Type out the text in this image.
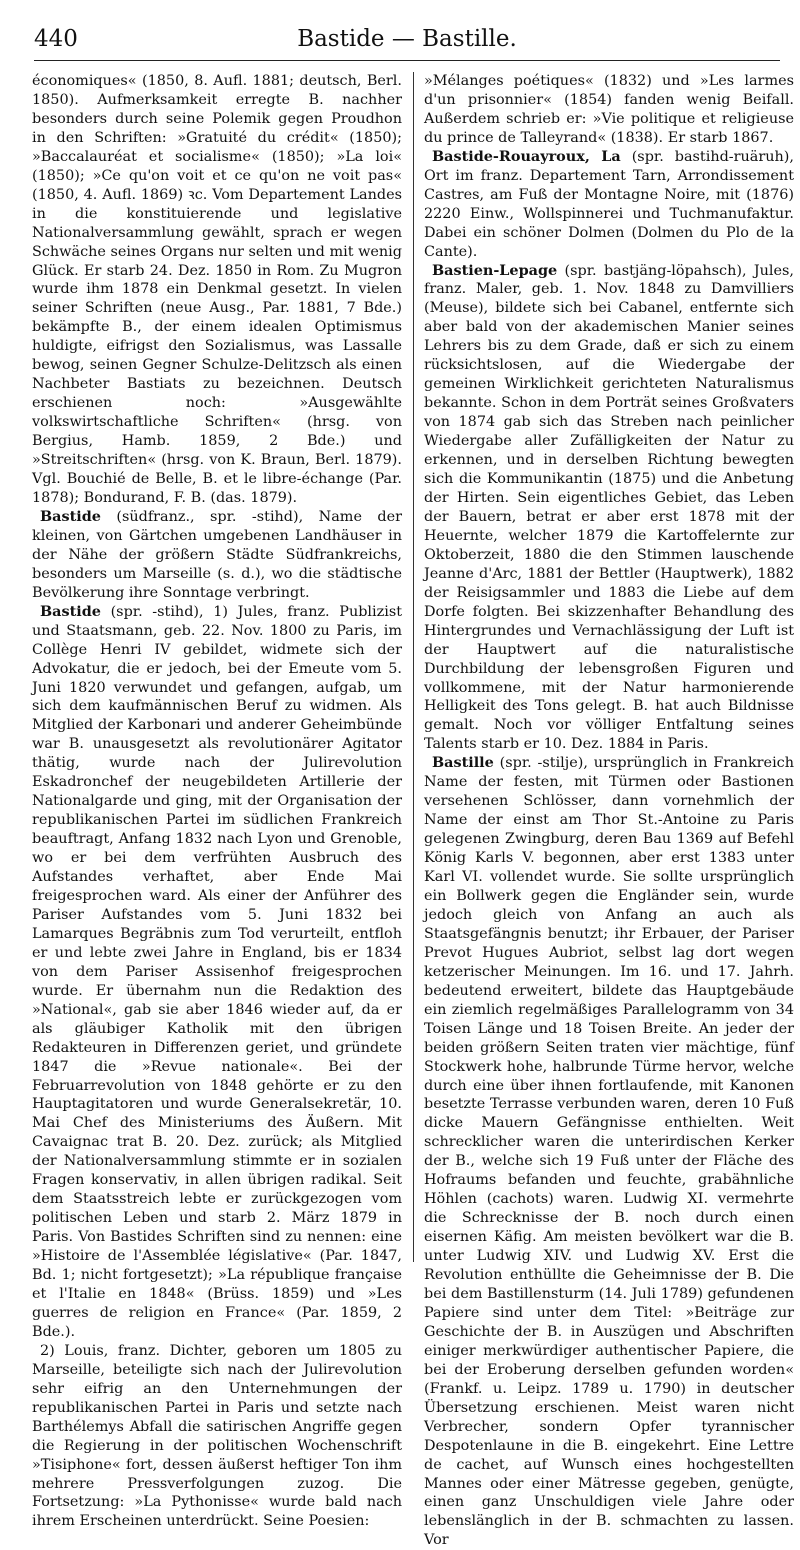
440	Bastide — Bastille.

économiques« (1850, 8. Aufl. 1881; deutsch, Berl. 1850). Aufmerksamkeit erregte B. nachher besonders durch seine Polemik gegen Proudhon in den Schriften: »Gratuité du crédit« (1850); »Baccalauréat et socialisme« (1850); »La loi« (1850); »Ce qu'on voit et ce qu'on ne voit pas« (1850, 4. Aufl. 1869) ꝛc. Vom Departement Landes in die konstituierende und legislative Nationalversammlung gewählt, sprach er wegen Schwäche seines Organs nur selten und mit wenig Glück. Er starb 24. Dez. 1850 in Rom. Zu Mugron wurde ihm 1878 ein Denkmal gesetzt. In vielen seiner Schriften (neue Ausg., Par. 1881, 7 Bde.) bekämpfte B., der einem idealen Optimismus huldigte, eifrigst den Sozialismus, was Lassalle bewog, seinen Gegner Schulze-Delitzsch als einen Nachbeter Bastiats zu bezeichnen. Deutsch erschienen noch: »Ausgewählte volkswirtschaftliche Schriften« (hrsg. von Bergius, Hamb. 1859, 2 Bde.) und »Streitschriften« (hrsg. von K. Braun, Berl. 1879). Vgl. Bouchié de Belle, B. et le libre-échange (Par. 1878); Bondurand, F. B. (das. 1879).

Bastide (südfranz., spr. -stihd), Name der kleinen, von Gärtchen umgebenen Landhäuser in der Nähe der größern Städte Südfrankreichs, besonders um Marseille (s. d.), wo die städtische Bevölkerung ihre Sonntage verbringt.

Bastide (spr. -stihd), 1) Jules, franz. Publizist und Staatsmann, geb. 22. Nov. 1800 zu Paris, im Collège Henri IV gebildet, widmete sich der Advokatur, die er jedoch, bei der Emeute vom 5. Juni 1820 verwundet und gefangen, aufgab, um sich dem kaufmännischen Beruf zu widmen. Als Mitglied der Karbonari und anderer Geheimbünde war B. unausgesetzt als revolutionärer Agitator thätig, wurde nach der Julirevolution Eskadronchef der neugebildeten Artillerie der Nationalgarde und ging, mit der Organisation der republikanischen Partei im südlichen Frankreich beauftragt, Anfang 1832 nach Lyon und Grenoble, wo er bei dem verfrühten Ausbruch des Aufstandes verhaftet, aber Ende Mai freigesprochen ward. Als einer der Anführer des Pariser Aufstandes vom 5. Juni 1832 bei Lamarques Begräbnis zum Tod verurteilt, entfloh er und lebte zwei Jahre in England, bis er 1834 von dem Pariser Assisenhof freigesprochen wurde. Er übernahm nun die Redaktion des »National«, gab sie aber 1846 wieder auf, da er als gläubiger Katholik mit den übrigen Redakteuren in Differenzen geriet, und gründete 1847 die »Revue nationale«. Bei der Februarrevolution von 1848 gehörte er zu den Hauptagitatoren und wurde Generalsekretär, 10. Mai Chef des Ministeriums des Äußern. Mit Cavaignac trat B. 20. Dez. zurück; als Mitglied der Nationalversammlung stimmte er in sozialen Fragen konservativ, in allen übrigen radikal. Seit dem Staatsstreich lebte er zurückgezogen vom politischen Leben und starb 2. März 1879 in Paris. Von Bastides Schriften sind zu nennen: eine »Histoire de l'Assemblée législative« (Par. 1847, Bd. 1; nicht fortgesetzt); »La république française et l'Italie en 1848« (Brüss. 1859) und »Les guerres de religion en France« (Par. 1859, 2 Bde.).

2) Louis, franz. Dichter, geboren um 1805 zu Marseille, beteiligte sich nach der Julirevolution sehr eifrig an den Unternehmungen der republikanischen Partei in Paris und setzte nach Barthélemys Abfall die satirischen Angriffe gegen die Regierung in der politischen Wochenschrift »Tisiphone« fort, dessen äußerst heftiger Ton ihm mehrere Pressverfolgungen zuzog. Die Fortsetzung: »La Pythonisse« wurde bald nach ihrem Erscheinen unterdrückt. Seine Poesien:

»Mélanges poétiques« (1832) und »Les larmes d'un prisonnier« (1854) fanden wenig Beifall. Außerdem schrieb er: »Vie politique et religieuse du prince de Talleyrand« (1838). Er starb 1867.

Bastide-Rouayroux, La (spr. bastihd-ruäruh), Ort im franz. Departement Tarn, Arrondissement Castres, am Fuß der Montagne Noire, mit (1876) 2220 Einw., Wollspinnerei und Tuchmanufaktur. Dabei ein schöner Dolmen (Dolmen du Plo de la Cante).

Bastien-Lepage (spr. bastjäng-löpahsch), Jules, franz. Maler, geb. 1. Nov. 1848 zu Damvilliers (Meuse), bildete sich bei Cabanel, entfernte sich aber bald von der akademischen Manier seines Lehrers bis zu dem Grade, daß er sich zu einem rücksichtslosen, auf die Wiedergabe der gemeinen Wirklichkeit gerichteten Naturalismus bekannte. Schon in dem Porträt seines Großvaters von 1874 gab sich das Streben nach peinlicher Wiedergabe aller Zufälligkeiten der Natur zu erkennen, und in derselben Richtung bewegten sich die Kommunikantin (1875) und die Anbetung der Hirten. Sein eigentliches Gebiet, das Leben der Bauern, betrat er aber erst 1878 mit der Heuernte, welcher 1879 die Kartoffelernte zur Oktoberzeit, 1880 die den Stimmen lauschende Jeanne d'Arc, 1881 der Bettler (Hauptwerk), 1882 der Reisigsammler und 1883 die Liebe auf dem Dorfe folgten. Bei skizzenhafter Behandlung des Hintergrundes und Vernachlässigung der Luft ist der Hauptwert auf die naturalistische Durchbildung der lebensgroßen Figuren und vollkommene, mit der Natur harmonierende Helligkeit des Tons gelegt. B. hat auch Bildnisse gemalt. Noch vor völliger Entfaltung seines Talents starb er 10. Dez. 1884 in Paris.

Bastille (spr. -stilje), ursprünglich in Frankreich Name der festen, mit Türmen oder Bastionen versehenen Schlösser, dann vornehmlich der Name der einst am Thor St.-Antoine zu Paris gelegenen Zwingburg, deren Bau 1369 auf Befehl König Karls V. begonnen, aber erst 1383 unter Karl VI. vollendet wurde. Sie sollte ursprünglich ein Bollwerk gegen die Engländer sein, wurde jedoch gleich von Anfang an auch als Staatsgefängnis benutzt; ihr Erbauer, der Pariser Prevot Hugues Aubriot, selbst lag dort wegen ketzerischer Meinungen. Im 16. und 17. Jahrh. bedeutend erweitert, bildete das Hauptgebäude ein ziemlich regelmäßiges Parallelogramm von 34 Toisen Länge und 18 Toisen Breite. An jeder der beiden größern Seiten traten vier mächtige, fünf Stockwerk hohe, halbrunde Türme hervor, welche durch eine über ihnen fortlaufende, mit Kanonen besetzte Terrasse verbunden waren, deren 10 Fuß dicke Mauern Gefängnisse enthielten. Weit schrecklicher waren die unterirdischen Kerker der B., welche sich 19 Fuß unter der Fläche des Hofraums befanden und feuchte, grabähnliche Höhlen (cachots) waren. Ludwig XI. vermehrte die Schrecknisse der B. noch durch einen eisernen Käfig. Am meisten bevölkert war die B. unter Ludwig XIV. und Ludwig XV. Erst die Revolution enthüllte die Geheimnisse der B. Die bei dem Bastillensturm (14. Juli 1789) gefundenen Papiere sind unter dem Titel: »Beiträge zur Geschichte der B. in Auszügen und Abschriften einiger merkwürdiger authentischer Papiere, die bei der Eroberung derselben gefunden worden« (Frankf. u. Leipz. 1789 u. 1790) in deutscher Übersetzung erschienen. Meist waren nicht Verbrecher, sondern Opfer tyrannischer Despotenlaune in die B. eingekehrt. Eine Lettre de cachet, auf Wunsch eines hochgestellten Mannes oder einer Mätresse gegeben, genügte, einen ganz Unschuldigen viele Jahre oder lebenslänglich in der B. schmachten zu lassen. Vor
